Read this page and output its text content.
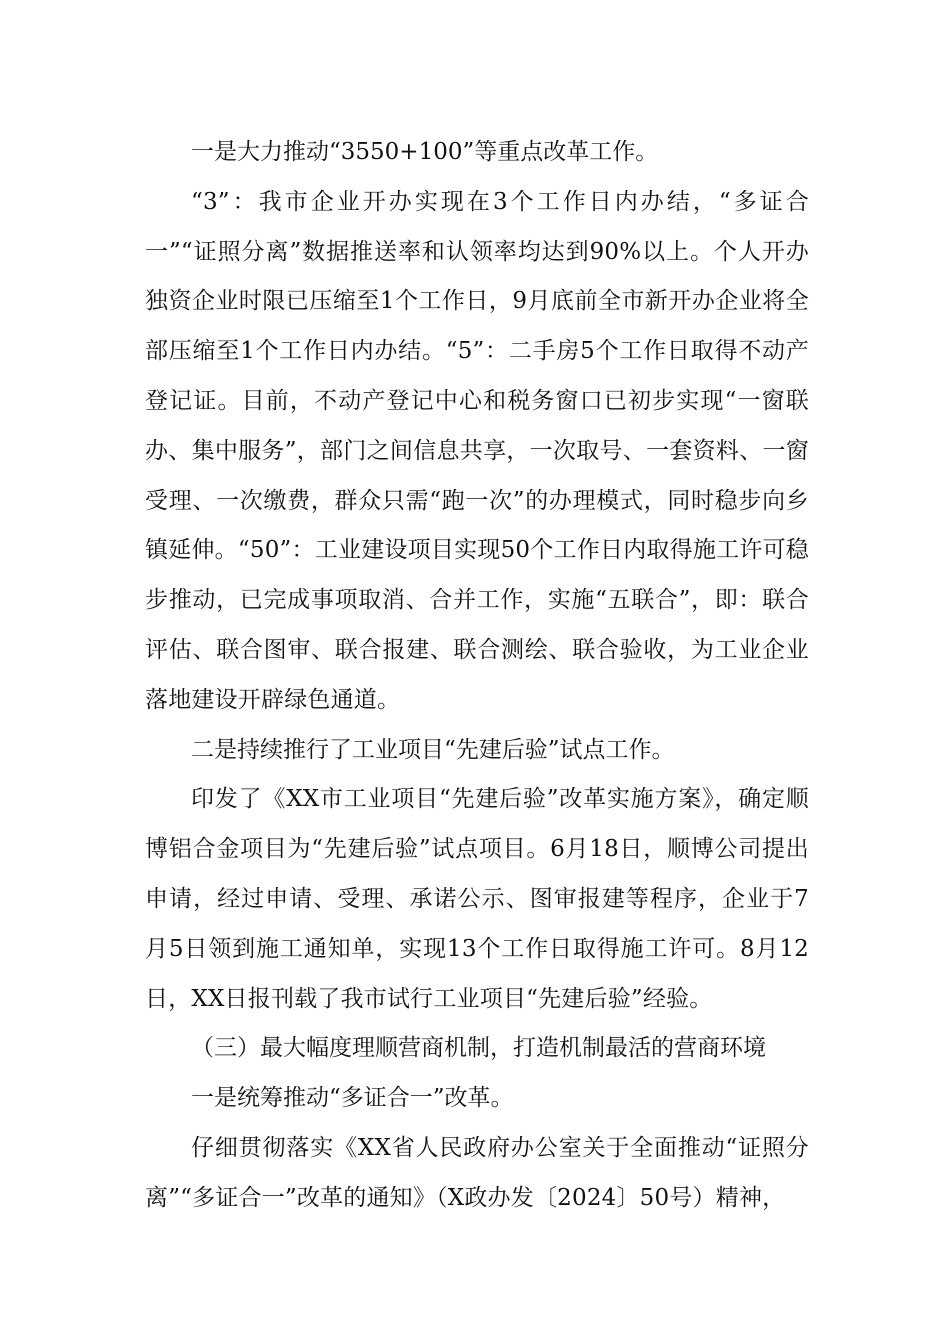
一是大力推动“3550+100”等重点改革工作。

“3”：我市企业开办实现在3个工作日内办结，“多证合一”“证照分离”数据推送率和认领率均达到90%以上。个人开办独资企业时限已压缩至1个工作日，9月底前全市新开办企业将全部压缩至1个工作日内办结。“5”：二手房5个工作日取得不动产登记证。目前，不动产登记中心和税务窗口已初步实现“一窗联办、集中服务”，部门之间信息共享，一次取号、一套资料、一窗受理、一次缴费，群众只需“跑一次”的办理模式，同时稳步向乡镇延伸。“50”：工业建设项目实现50个工作日内取得施工许可稳步推动，已完成事项取消、合并工作，实施“五联合”，即：联合评估、联合图审、联合报建、联合测绘、联合验收，为工业企业落地建设开辟绿色通道。

二是持续推行了工业项目“先建后验”试点工作。

印发了《XX市工业项目“先建后验”改革实施方案》，确定顺博铝合金项目为“先建后验”试点项目。6月18日，顺博公司提出申请，经过申请、受理、承诺公示、图审报建等程序，企业于7月5日领到施工通知单，实现13个工作日取得施工许可。8月12日，XX日报刊载了我市试行工业项目“先建后验”经验。

（三）最大幅度理顺营商机制，打造机制最活的营商环境

一是统筹推动“多证合一”改革。

仔细贯彻落实《XX省人民政府办公室关于全面推动“证照分离”“多证合一”改革的通知》（X政办发〔2024〕50号）精神，
